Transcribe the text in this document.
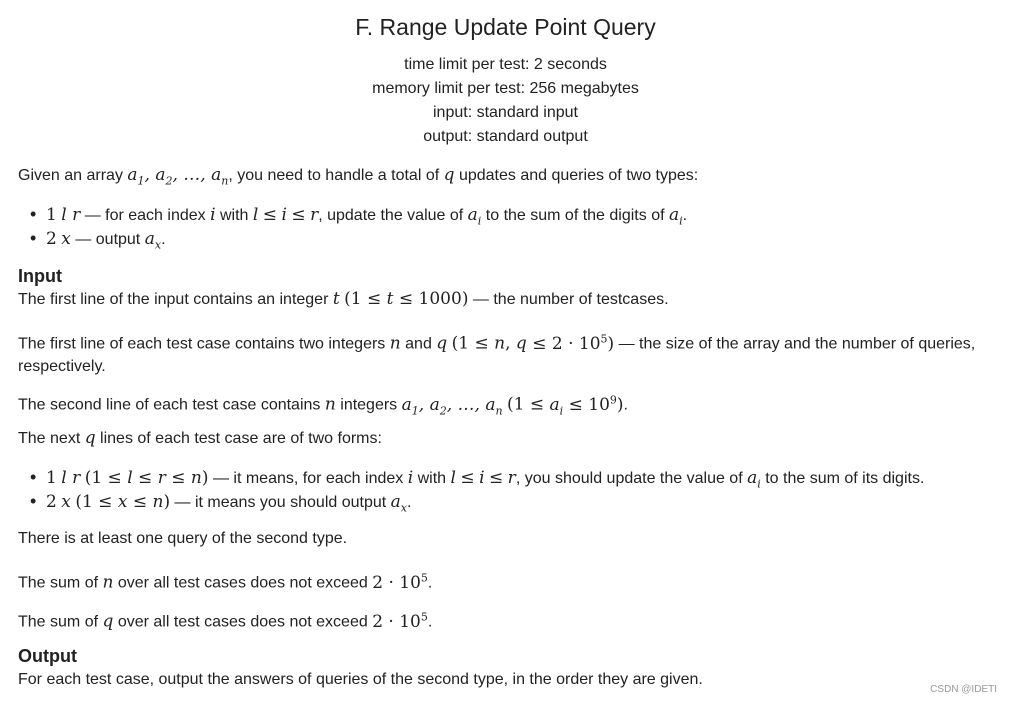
F. Range Update Point Query
time limit per test: 2 seconds
memory limit per test: 256 megabytes
input: standard input
output: standard output
Given an array $a_1$, $a_2$, …, $a_n$, you need to handle a total of q updates and queries of two types:
• 1 l r — for each index i with l ≤ i ≤ r, update the value of $a_i$ to the sum of the digits of $a_i$.
• 2 x — output $a_x$.
Input
The first line of the input contains an integer t (1 ≤ t ≤ 1000) — the number of testcases.
The first line of each test case contains two integers n and q (1 ≤ n, $q \le 2 \cdot 10^5$) — the size of the array and the number of queries,
respectively.
The second line of each test case contains n integers $a_1$, $a_2$, …, $a_n$ $(1 \le a_i \le 10^9)$.
The next q lines of each test case are of two forms:
• 1 l r (1 ≤ l ≤ r ≤ n) — it means, for each index i with l ≤ i ≤ r, you should update the value of $a_i$ to the sum of its digits.
• 2 x (1 ≤ x ≤ n) — it means you should output $a_x$.
There is at least one query of the second type.
The sum of n over all test cases does not exceed $2 \cdot 10^5$.
The sum of q over all test cases does not exceed $2 \cdot 10^5$.
Output
For each test case, output the answers of queries of the second type, in the order they are given.
CSDN @IDETI
